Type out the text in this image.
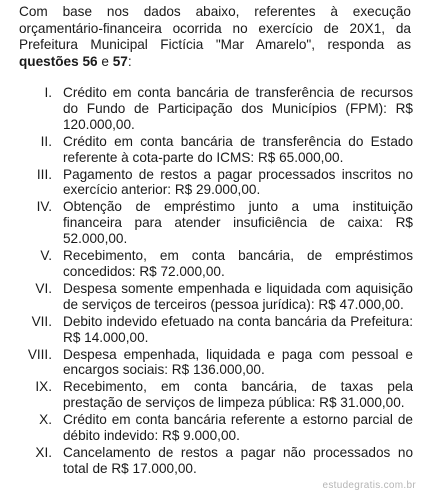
Com base nos dados abaixo, referentes à execução orçamentário-financeira ocorrida no exercício de 20X1, da Prefeitura Municipal Fictícia "Mar Amarelo", responda as questões 56 e 57:

I. Crédito em conta bancária de transferência de recursos do Fundo de Participação dos Municípios (FPM): R$ 120.000,00.
II. Crédito em conta bancária de transferência do Estado referente à cota-parte do ICMS: R$ 65.000,00.
III. Pagamento de restos a pagar processados inscritos no exercício anterior: R$ 29.000,00.
IV. Obtenção de empréstimo junto a uma instituição financeira para atender insuficiência de caixa: R$ 52.000,00.
V. Recebimento, em conta bancária, de empréstimos concedidos: R$ 72.000,00.
VI. Despesa somente empenhada e liquidada com aquisição de serviços de terceiros (pessoa jurídica): R$ 47.000,00.
VII. Debito indevido efetuado na conta bancária da Prefeitura: R$ 14.000,00.
VIII. Despesa empenhada, liquidada e paga com pessoal e encargos sociais: R$ 136.000,00.
IX. Recebimento, em conta bancária, de taxas pela prestação de serviços de limpeza pública: R$ 31.000,00.
X. Crédito em conta bancária referente a estorno parcial de débito indevido: R$ 9.000,00.
XI. Cancelamento de restos a pagar não processados no total de R$ 17.000,00.
estudegratis.com.br
